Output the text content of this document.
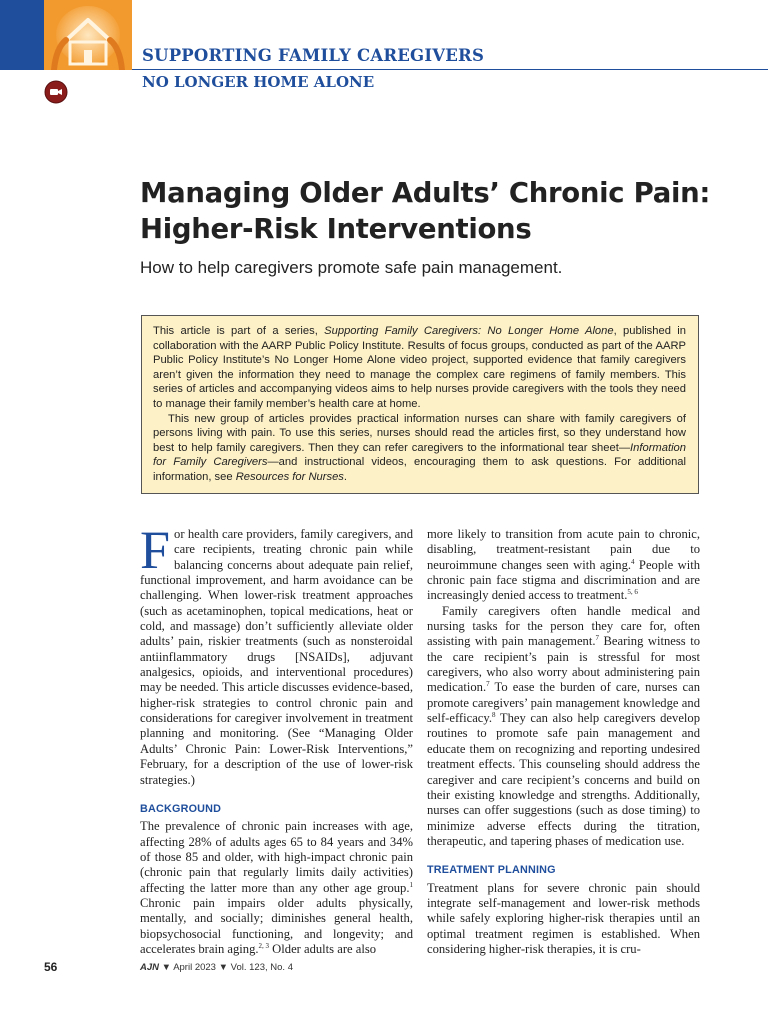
SUPPORTING FAMILY CAREGIVERS
NO LONGER HOME ALONE
Managing Older Adults’ Chronic Pain:
Higher-Risk Interventions
How to help caregivers promote safe pain management.

This article is part of a series, Supporting Family Caregivers: No Longer Home Alone, published in collaboration with the AARP Public Policy Institute. Results of focus groups, conducted as part of the AARP Public Policy Institute’s No Longer Home Alone video project, supported evidence that family caregivers aren’t given the information they need to manage the complex care regimens of family members. This series of articles and accompanying videos aims to help nurses provide caregivers with the tools they need to manage their family member’s health care at home.

This new group of articles provides practical information nurses can share with family caregivers of persons living with pain. To use this series, nurses should read the articles first, so they understand how best to help family caregivers. Then they can refer caregivers to the informational tear sheet—Information for Family Caregivers—and instructional videos, encouraging them to ask questions. For additional information, see Resources for Nurses.

For health care providers, family caregivers, and care recipients, treating chronic pain while balancing concerns about adequate pain relief, functional improvement, and harm avoidance can be challenging. When lower-risk treatment approaches (such as acetaminophen, topical medications, heat or cold, and massage) don’t sufficiently alleviate older adults’ pain, riskier treatments (such as nonsteroidal antiinflammatory drugs [NSAIDs], adjuvant analgesics, opioids, and interventional procedures) may be needed. This article discusses evidence-based, higher-risk strategies to control chronic pain and considerations for caregiver involvement in treatment planning and monitoring. (See “Managing Older Adults’ Chronic Pain: Lower-Risk Interventions,” February, for a description of the use of lower-risk strategies.)

BACKGROUND

The prevalence of chronic pain increases with age, affecting 28% of adults ages 65 to 84 years and 34% of those 85 and older, with high-impact chronic pain (chronic pain that regularly limits daily activities) affecting the latter more than any other age group.$^1$ Chronic pain impairs older adults physically, mentally, and socially; diminishes general health, biopsychosocial functioning, and longevity; and accelerates brain aging.$^{2, 3}$ Older adults are also

more likely to transition from acute pain to chronic, disabling, treatment-resistant pain due to neuroimmune changes seen with aging.$^4$ People with chronic pain face stigma and discrimination and are increasingly denied access to treatment.$^{5, 6}$

Family caregivers often handle medical and nursing tasks for the person they care for, often assisting with pain management.$^7$ Bearing witness to the care recipient’s pain is stressful for most caregivers, who also worry about administering pain medication.$^7$ To ease the burden of care, nurses can promote caregivers’ pain management knowledge and self-efficacy.$^8$ They can also help caregivers develop routines to promote safe pain management and educate them on recognizing and reporting undesired treatment effects. This counseling should address the caregiver and care recipient’s concerns and build on their existing knowledge and strengths. Additionally, nurses can offer suggestions (such as dose timing) to minimize adverse effects during the titration, therapeutic, and tapering phases of medication use.

TREATMENT PLANNING

Treatment plans for severe chronic pain should integrate self-management and lower-risk methods while safely exploring higher-risk therapies until an optimal treatment regimen is established. When considering higher-risk therapies, it is cru-

56	AJN ▼ April 2023 ▼ Vol. 123, No. 4
